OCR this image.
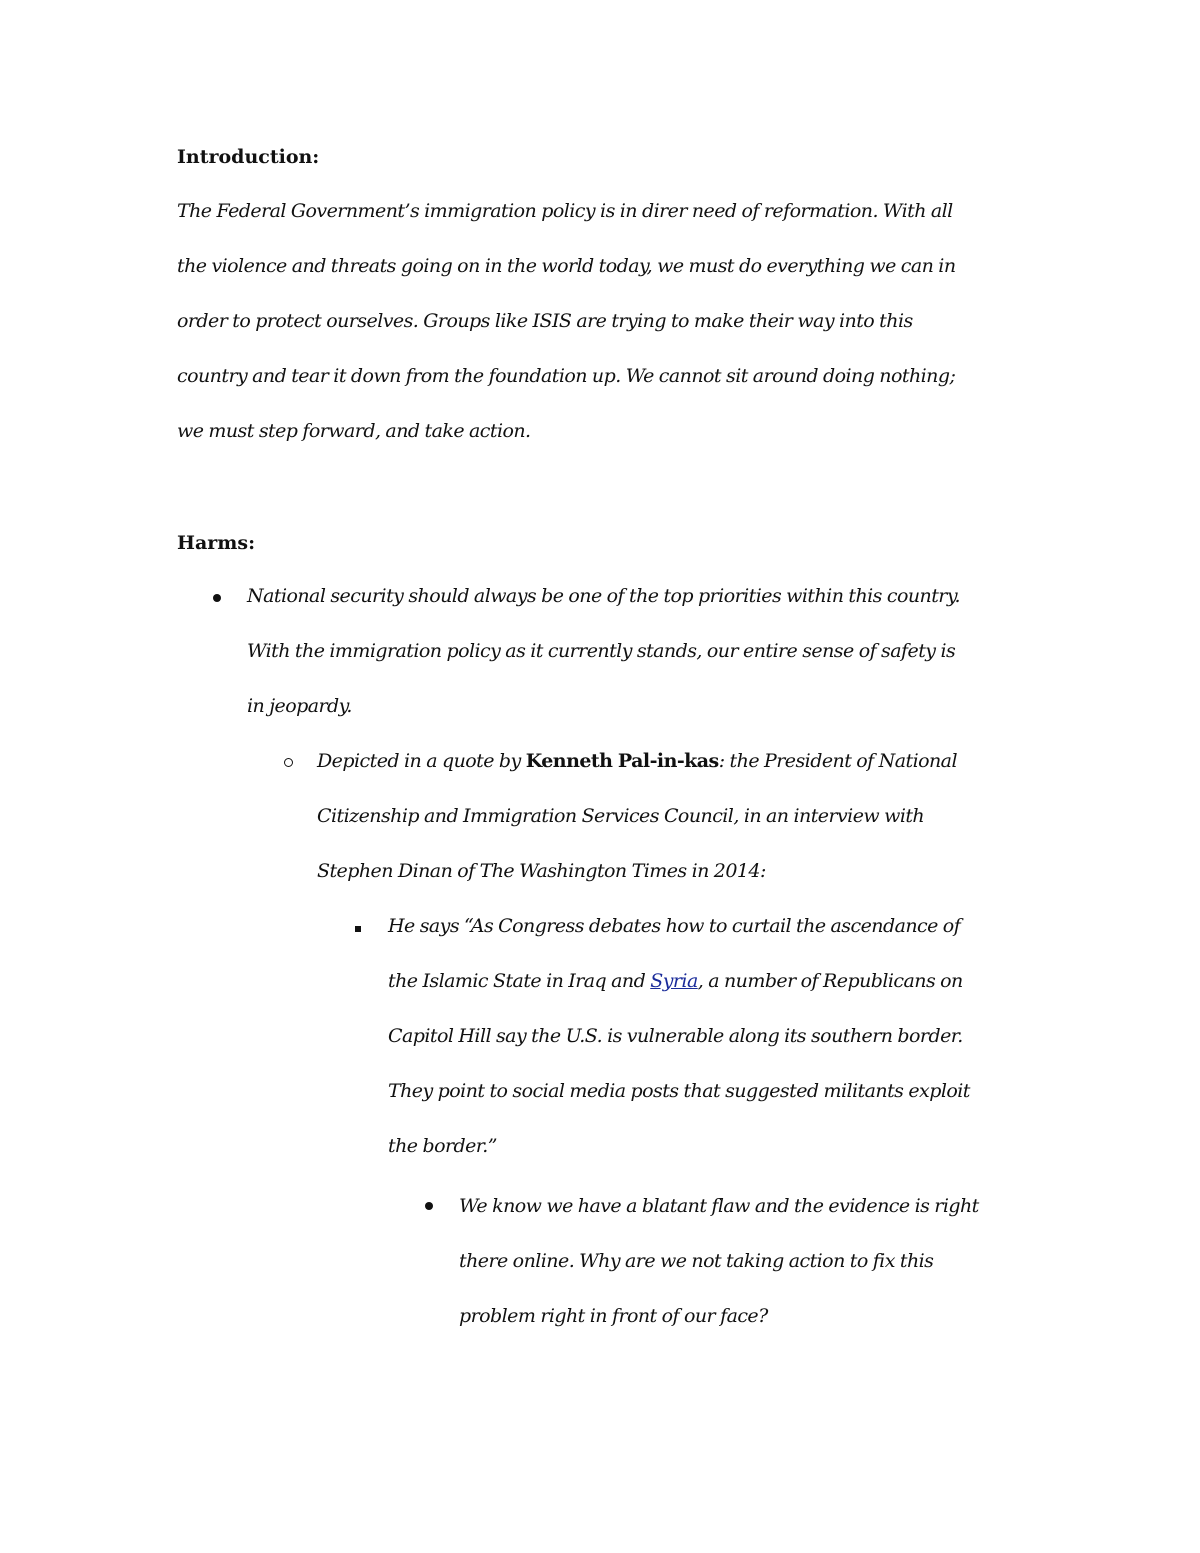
Introduction:
The Federal Government’s immigration policy is in direr need of reformation. With all
the violence and threats going on in the world today, we must do everything we can in
order to protect ourselves. Groups like ISIS are trying to make their way into this
country and tear it down from the foundation up. We cannot sit around doing nothing;
we must step forward, and take action.
Harms:
National security should always be one of the top priorities within this country.
With the immigration policy as it currently stands, our entire sense of safety is
in jeopardy.
Depicted in a quote by Kenneth Pal-in-kas: the President of National
Citizenship and Immigration Services Council, in an interview with
Stephen Dinan of The Washington Times in 2014:
He says “As Congress debates how to curtail the ascendance of
the Islamic State in Iraq and Syria, a number of Republicans on
Capitol Hill say the U.S. is vulnerable along its southern border.
They point to social media posts that suggested militants exploit
the border.”
We know we have a blatant flaw and the evidence is right
there online. Why are we not taking action to fix this
problem right in front of our face?
